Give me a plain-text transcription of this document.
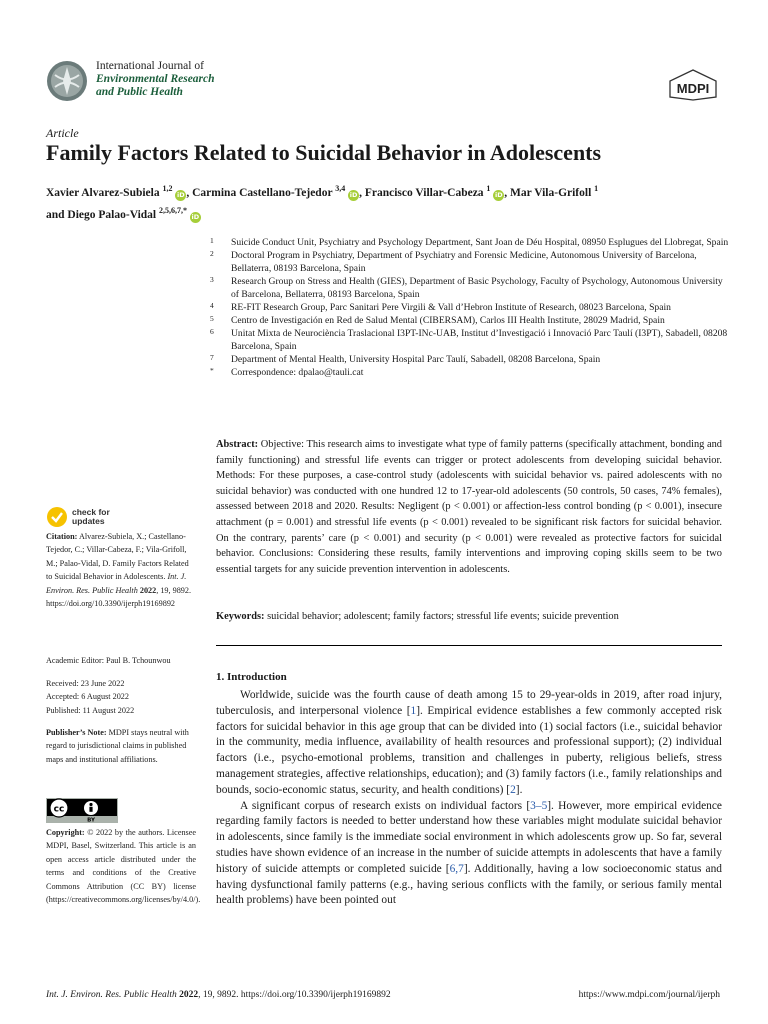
International Journal of
Environmental Research
and Public Health	MDPI
Article
Family Factors Related to Suicidal Behavior in Adolescents
Xavier Alvarez-Subiela $^{1,2}$ iD , Carmina Castellano-Tejedor $^{3,4}$ iD , Francisco Villar-Cabeza $^1$ iD , Mar Vila-Grifoll $^1$
and Diego Palao-Vidal $^{2,5,6,7,*}$ iD
1	Suicide Conduct Unit, Psychiatry and Psychology Department, Sant Joan de Déu Hospital, 08950 Esplugues del Llobregat, Spain
2	Doctoral Program in Psychiatry, Department of Psychiatry and Forensic Medicine, Autonomous University of Barcelona, Bellaterra, 08193 Barcelona, Spain
3	Research Group on Stress and Health (GIES), Department of Basic Psychology, Faculty of Psychology, Autonomous University of Barcelona, Bellaterra, 08193 Barcelona, Spain
4	RE-FIT Research Group, Parc Sanitari Pere Virgili & Vall d’Hebron Institute of Research, 08023 Barcelona, Spain
5	Centro de Investigación en Red de Salud Mental (CIBERSAM), Carlos III Health Institute, 28029 Madrid, Spain
6	Unitat Mixta de Neurociència Traslacional I3PT-INc-UAB, Institut d’Investigació i Innovació Parc Taulí (I3PT), Sabadell, 08208 Barcelona, Spain
7	Department of Mental Health, University Hospital Parc Taulí, Sabadell, 08208 Barcelona, Spain
*	Correspondence: dpalao@tauli.cat
Abstract: Objective: This research aims to investigate what type of family patterns (specifically attachment, bonding and family functioning) and stressful life events can trigger or protect adolescents from developing suicidal behavior. Methods: For these purposes, a case-control study (adolescents with suicidal behavior vs. paired adolescents with no suicidal behavior) was conducted with one hundred 12 to 17-year-old adolescents (50 controls, 50 cases, 74% females), assessed between 2018 and 2020. Results: Negligent (p < 0.001) or affection-less control bonding (p < 0.001), insecure attachment (p = 0.001) and stressful life events (p < 0.001) revealed to be significant risk factors for suicidal behavior. On the contrary, parents’ care (p < 0.001) and security (p < 0.001) were revealed as protective factors for suicidal behavior. Conclusions: Considering these results, family interventions and improving coping skills seem to be two essential targets for any suicide prevention intervention in adolescents.
Keywords: suicidal behavior; adolescent; family factors; stressful life events; suicide prevention
1. Introduction

Worldwide, suicide was the fourth cause of death among 15 to 29-year-olds in 2019, after road injury, tuberculosis, and interpersonal violence [1]. Empirical evidence establishes a few commonly accepted risk factors for suicidal behavior in this age group that can be divided into (1) social factors (i.e., suicidal behavior in the community, media influence, availability of health resources and professional support); (2) individual factors (i.e., psycho-emotional problems, transition and challenges in puberty, religious beliefs, stress management strategies, affective relationships, education); and (3) family factors (i.e., family relationships and bounds, socio-economic status, security, and health conditions) [2].

A significant corpus of research exists on individual factors [3–5]. However, more empirical evidence regarding family factors is needed to better understand how these variables might modulate suicidal behavior in adolescents, since family is the immediate social environment in which adolescents grow up. So far, several studies have shown evidence of an increase in the number of suicide attempts in adolescents that have a family history of suicide attempts or completed suicide [6,7]. Additionally, having a low socioeconomic status and having dysfunctional family patterns (e.g., having serious conflicts with the family, or serious family mental health problems) have been pointed out

check for
updates
Citation: Alvarez-Subiela, X.; Castellano-Tejedor, C.; Villar-Cabeza, F.; Vila-Grifoll, M.; Palao-Vidal, D. Family Factors Related to Suicidal Behavior in Adolescents. Int. J. Environ. Res. Public Health 2022, 19, 9892. https://doi.org/10.3390/ijerph19169892
Academic Editor: Paul B. Tchounwou
Received: 23 June 2022
Accepted: 6 August 2022
Published: 11 August 2022
Publisher’s Note: MDPI stays neutral with regard to jurisdictional claims in published maps and institutional affiliations.
cc
BY
Copyright: © 2022 by the authors. Licensee MDPI, Basel, Switzerland. This article is an open access article distributed under the terms and conditions of the Creative Commons Attribution (CC BY) license (https://creativecommons.org/licenses/by/4.0/).
Int. J. Environ. Res. Public Health 2022, 19, 9892. https://doi.org/10.3390/ijerph19169892	https://www.mdpi.com/journal/ijerph
